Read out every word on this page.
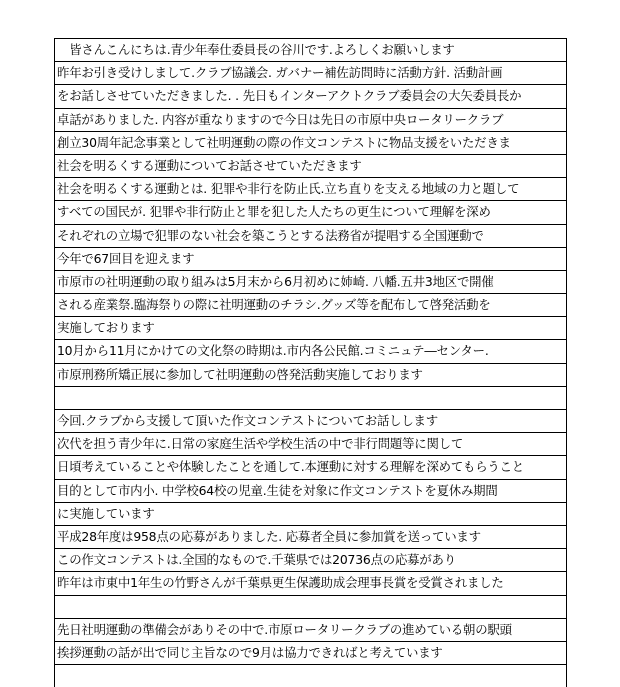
　皆さんこんにちは.青少年奉仕委員長の谷川です.よろしくお願いします
昨年お引き受けしまして.クラブ協議会. ガバナー補佐訪問時に活動方針. 活動計画
をお話しさせていただきました. . 先日もインターアクトクラブ委員会の大矢委員長か
卓話がありました. 内容が重なりますので今日は先日の市原中央ロータリークラブ
創立30周年記念事業として社明運動の際の作文コンテストに物品支援をいただきま
社会を明るくする運動についてお話させていただきます
社会を明るくする運動とは. 犯罪や非行を防止氏.立ち直りを支える地域の力と題して
すべての国民が. 犯罪や非行防止と罪を犯した人たちの更生について理解を深め
それぞれの立場で犯罪のない社会を築こうとする法務省が提唱する全国運動で
今年で67回目を迎えます
市原市の社明運動の取り組みは5月末から6月初めに姉崎. 八幡.五井3地区で開催
される産業祭.臨海祭りの際に社明運動のチラシ.グッズ等を配布して啓発活動を
実施しております
10月から11月にかけての文化祭の時期は.市内各公民館.コミニュテ―センター.
市原刑務所矯正展に参加して社明運動の啓発活動実施しております
今回.クラブから支援して頂いた作文コンテストについてお話しします
次代を担う青少年に.日常の家庭生活や学校生活の中で非行問題等に関して
日頃考えていることや体験したことを通して.本運動に対する理解を深めてもらうこと
目的として市内小. 中学校64校の児童.生徒を対象に作文コンテストを夏休み期間
に実施しています
平成28年度は958点の応募がありました. 応募者全員に参加賞を送っています
この作文コンテストは.全国的なもので.千葉県では20736点の応募があり
昨年は市東中1年生の竹野さんが千葉県更生保護助成会理事長賞を受賞されました
先日社明運動の準備会がありその中で.市原ロータリークラブの進めている朝の駅頭
挨拶運動の話が出で同じ主旨なので9月は協力できればと考えています
